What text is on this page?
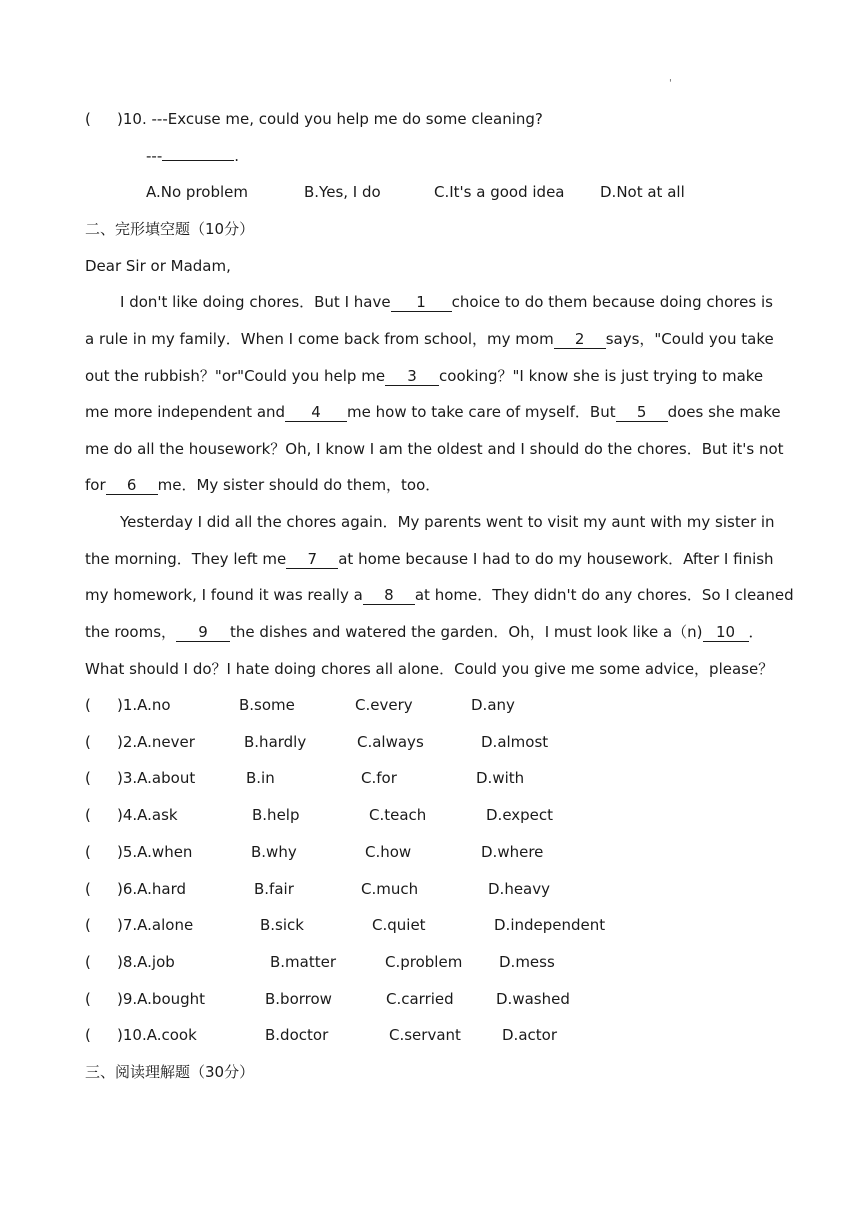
'
( )10. ---Excuse me, could you help me do some cleaning?
---	.
A.No problem	B.Yes, I do	C.It's a good idea D.Not at all
二、完形填空题（10分）
Dear Sir or Madam,
I don't like doing chores．But I have 1 choice to do them because doing chores is
a rule in my family．When I come back from school，my mom 2 says，"Could you take
out the rubbish？"or"Could you help me 3 cooking？"I know she is just trying to make
me more independent and 4 me how to take care of myself．But 5 does she make
me do all the housework？Oh, I know I am the oldest and I should do the chores．But it's not
for 6 me．My sister should do them，too．
Yesterday I did all the chores again．My parents went to visit my aunt with my sister in
the morning．They left me 7 at home because I had to do my housework．After I finish
my homework, I found it was really a 8 at home．They didn't do any chores．So I cleaned
the rooms， 9 the dishes and watered the garden．Oh，I must look like a（n) 10 ．
What should I do？I hate doing chores all alone．Could you give me some advice，please？
( )1.A.no	B.some	C.every	D.any
( )2.A.never	B.hardly	C.always	D.almost
( )3.A.about	B.in	C.for	D.with
( )4.A.ask	B.help	C.teach	D.expect
( )5.A.when	B.why	C.how	D.where
( )6.A.hard	B.fair	C.much	D.heavy
( )7.A.alone	B.sick	C.quiet	D.independent
( )8.A.job	B.matter	C.problem D.mess
( )9.A.bought	B.borrow	C.carried	D.washed
( )10.A.cook	B.doctor	C.servant	D.actor
三、阅读理解题（30分）
